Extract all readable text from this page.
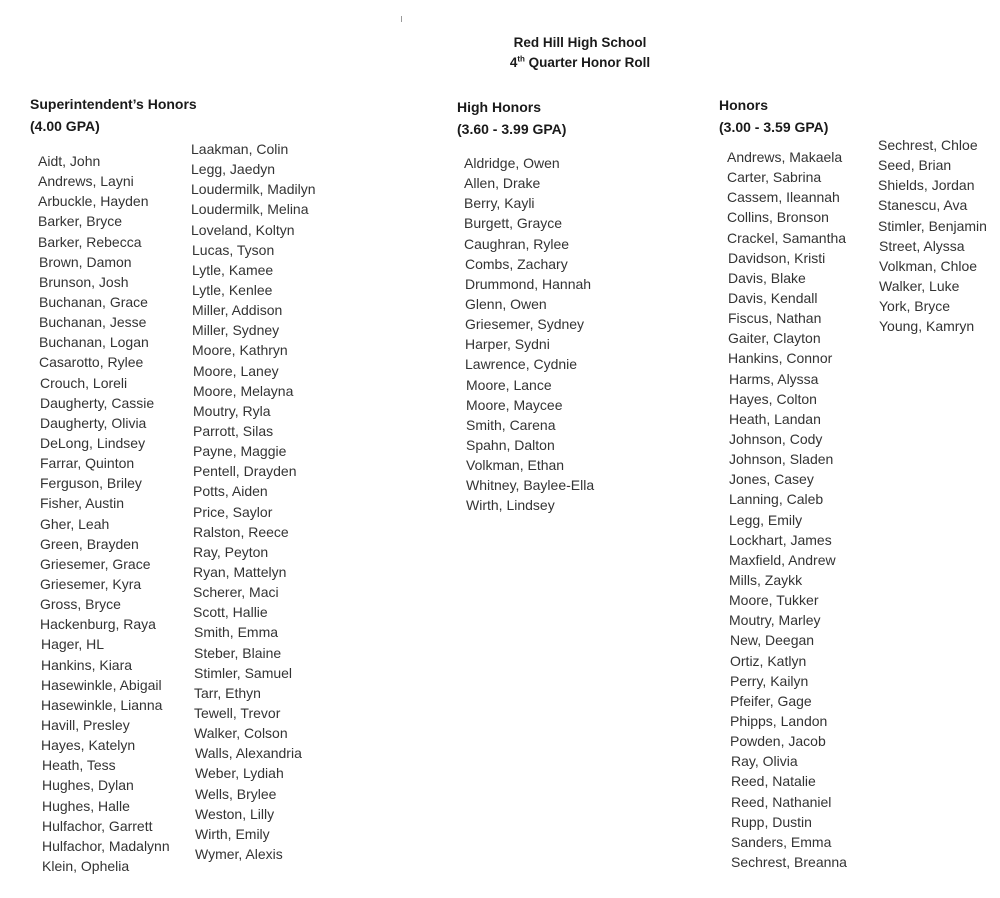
Red Hill High School
4th Quarter Honor Roll
Superintendent’s Honors
(4.00 GPA)
Aidt, John
Andrews, Layni
Arbuckle, Hayden
Barker, Bryce
Barker, Rebecca
Brown, Damon
Brunson, Josh
Buchanan, Grace
Buchanan, Jesse
Buchanan, Logan
Casarotto, Rylee
Crouch, Loreli
Daugherty, Cassie
Daugherty, Olivia
DeLong, Lindsey
Farrar, Quinton
Ferguson, Briley
Fisher, Austin
Gher, Leah
Green, Brayden
Griesemer, Grace
Griesemer, Kyra
Gross, Bryce
Hackenburg, Raya
Hager, HL
Hankins, Kiara
Hasewinkle, Abigail
Hasewinkle, Lianna
Havill, Presley
Hayes, Katelyn
Heath, Tess
Hughes, Dylan
Hughes, Halle
Hulfachor, Garrett
Hulfachor, Madalynn
Klein, Ophelia
Laakman, Colin
Legg, Jaedyn
Loudermilk, Madilyn
Loudermilk, Melina
Loveland, Koltyn
Lucas, Tyson
Lytle, Kamee
Lytle, Kenlee
Miller, Addison
Miller, Sydney
Moore, Kathryn
Moore, Laney
Moore, Melayna
Moutry, Ryla
Parrott, Silas
Payne, Maggie
Pentell, Drayden
Potts, Aiden
Price, Saylor
Ralston, Reece
Ray, Peyton
Ryan, Mattelyn
Scherer, Maci
Scott, Hallie
Smith, Emma
Steber, Blaine
Stimler, Samuel
Tarr, Ethyn
Tewell, Trevor
Walker, Colson
Walls, Alexandria
Weber, Lydiah
Wells, Brylee
Weston, Lilly
Wirth, Emily
Wymer, Alexis
High Honors
(3.60 - 3.99 GPA)
Aldridge, Owen
Allen, Drake
Berry, Kayli
Burgett, Grayce
Caughran, Rylee
Combs, Zachary
Drummond, Hannah
Glenn, Owen
Griesemer, Sydney
Harper, Sydni
Lawrence, Cydnie
Moore, Lance
Moore, Maycee
Smith, Carena
Spahn, Dalton
Volkman, Ethan
Whitney, Baylee-Ella
Wirth, Lindsey
Honors
(3.00 - 3.59 GPA)
Andrews, Makaela
Carter, Sabrina
Cassem, Ileannah
Collins, Bronson
Crackel, Samantha
Davidson, Kristi
Davis, Blake
Davis, Kendall
Fiscus, Nathan
Gaiter, Clayton
Hankins, Connor
Harms, Alyssa
Hayes, Colton
Heath, Landan
Johnson, Cody
Johnson, Sladen
Jones, Casey
Lanning, Caleb
Legg, Emily
Lockhart, James
Maxfield, Andrew
Mills, Zaykk
Moore, Tukker
Moutry, Marley
New, Deegan
Ortiz, Katlyn
Perry, Kailyn
Pfeifer, Gage
Phipps, Landon
Powden, Jacob
Ray, Olivia
Reed, Natalie
Reed, Nathaniel
Rupp, Dustin
Sanders, Emma
Sechrest, Breanna
Sechrest, Chloe
Seed, Brian
Shields, Jordan
Stanescu, Ava
Stimler, Benjamin
Street, Alyssa
Volkman, Chloe
Walker, Luke
York, Bryce
Young, Kamryn
